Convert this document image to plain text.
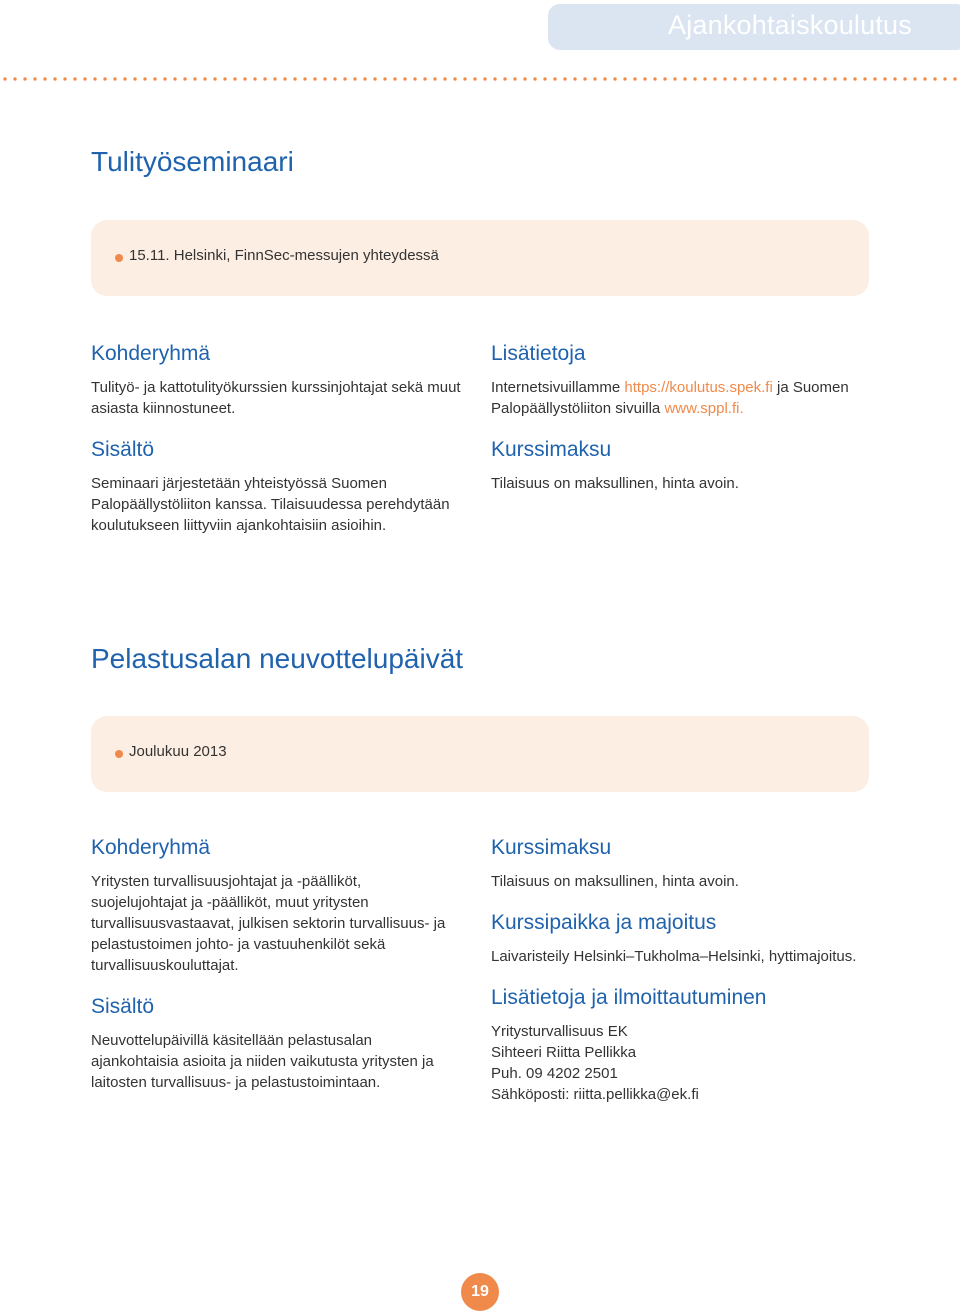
Ajankohtaiskoulutus
Tulityöseminaari
15.11. Helsinki, FinnSec-messujen yhteydessä
Kohderyhmä

Tulityö- ja kattotulityökurssien kurssinjohtajat sekä muut asiasta kiinnostuneet.

Sisältö

Seminaari järjestetään yhteistyössä Suomen Palopäällystöliiton kanssa. Tilaisuudessa perehdytään koulutukseen liittyviin ajankohtaisiin asioihin.

Lisätietoja

Internetsivuillamme https://koulutus.spek.fi ja Suomen Palopäällystöliiton sivuilla www.sppl.fi.

Kurssimaksu

Tilaisuus on maksullinen, hinta avoin.

Pelastusalan neuvottelupäivät
Joulukuu 2013
Kohderyhmä

Yritysten turvallisuusjohtajat ja -päälliköt, suojelujohtajat ja -päälliköt, muut yritysten turvallisuusvastaavat, julkisen sektorin turvallisuus- ja pelastustoimen johto- ja vastuuhenkilöt sekä turvallisuuskouluttajat.

Sisältö

Neuvottelupäivillä käsitellään pelastusalan ajankohtaisia asioita ja niiden vaikutusta yritysten ja laitosten turvallisuus- ja pelastustoimintaan.

Kurssimaksu

Tilaisuus on maksullinen, hinta avoin.

Kurssipaikka ja majoitus

Laivaristeily Helsinki–Tukholma–Helsinki, hyttimajoitus.

Lisätietoja ja ilmoittautuminen

Yritysturvallisuus EK
Sihteeri Riitta Pellikka
Puh. 09 4202 2501
Sähköposti: riitta.pellikka@ek.fi

19
